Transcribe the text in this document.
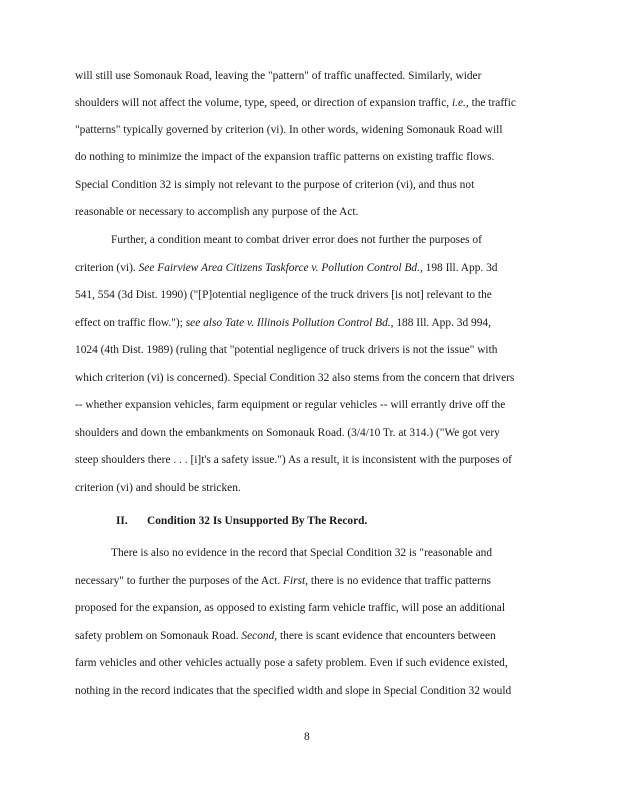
will still use Somonauk Road, leaving the "pattern" of traffic unaffected. Similarly, wider
shoulders will not affect the volume, type, speed, or direction of expansion traffic, i.e., the traffic
"patterns" typically governed by criterion (vi). In other words, widening Somonauk Road will
do nothing to minimize the impact of the expansion traffic patterns on existing traffic flows.
Special Condition 32 is simply not relevant to the purpose of criterion (vi), and thus not
reasonable or necessary to accomplish any purpose of the Act.
Further, a condition meant to combat driver error does not further the purposes of
criterion (vi). See Fairview Area Citizens Taskforce v. Pollution Control Bd., 198 Ill. App. 3d
541, 554 (3d Dist. 1990) ("[P]otential negligence of the truck drivers [is not] relevant to the
effect on traffic flow."); see also Tate v. Illinois Pollution Control Bd., 188 Ill. App. 3d 994,
1024 (4th Dist. 1989) (ruling that "potential negligence of truck drivers is not the issue" with
which criterion (vi) is concerned). Special Condition 32 also stems from the concern that drivers
-- whether expansion vehicles, farm equipment or regular vehicles -- will errantly drive off the
shoulders and down the embankments on Somonauk Road. (3/4/10 Tr. at 314.) ("We got very
steep shoulders there . . . [i]t's a safety issue.") As a result, it is inconsistent with the purposes of
criterion (vi) and should be stricken.
II. Condition 32 Is Unsupported By The Record.
There is also no evidence in the record that Special Condition 32 is "reasonable and
necessary" to further the purposes of the Act. First, there is no evidence that traffic patterns
proposed for the expansion, as opposed to existing farm vehicle traffic, will pose an additional
safety problem on Somonauk Road. Second, there is scant evidence that encounters between
farm vehicles and other vehicles actually pose a safety problem. Even if such evidence existed,
nothing in the record indicates that the specified width and slope in Special Condition 32 would
8
